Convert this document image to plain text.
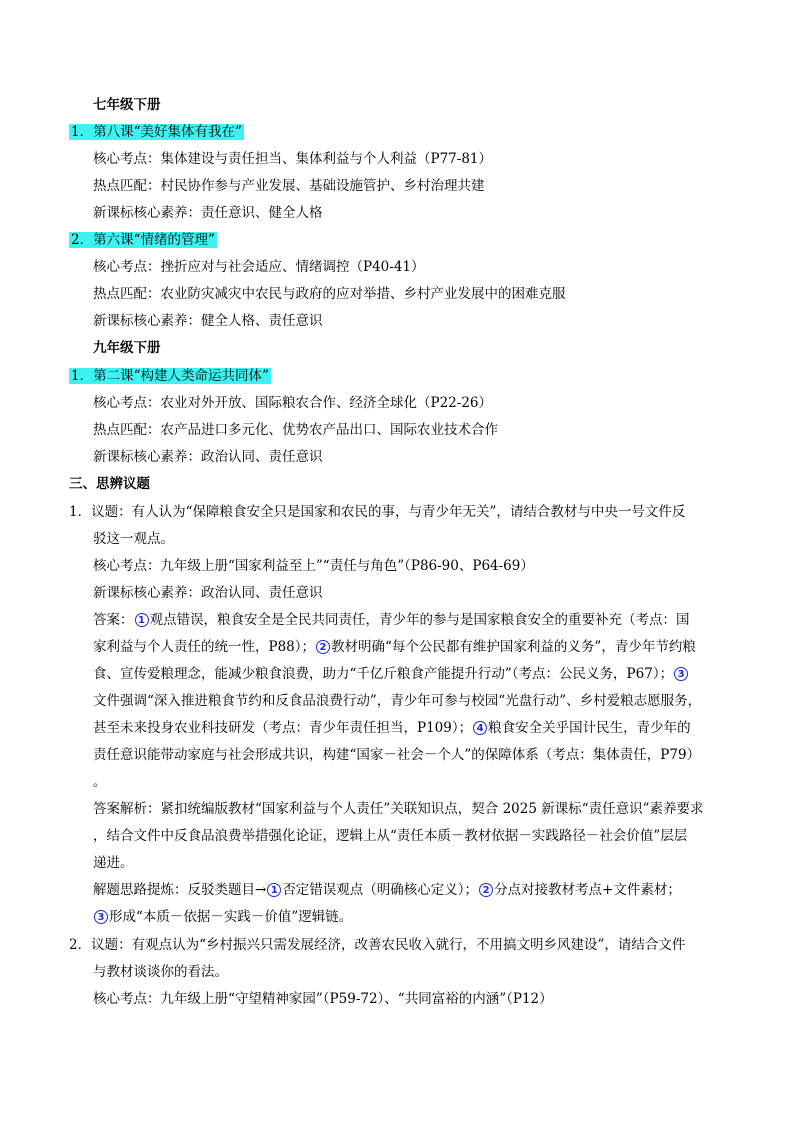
七年级下册
1．第八课“美好集体有我在”
核心考点：集体建设与责任担当、集体利益与个人利益（P77-81）
热点匹配：村民协作参与产业发展、基础设施管护、乡村治理共建
新课标核心素养：责任意识、健全人格
2．第六课“情绪的管理”
核心考点：挫折应对与社会适应、情绪调控（P40-41）
热点匹配：农业防灾减灾中农民与政府的应对举措、乡村产业发展中的困难克服
新课标核心素养：健全人格、责任意识
九年级下册
1．第二课“构建人类命运共同体”
核心考点：农业对外开放、国际粮农合作、经济全球化（P22-26）
热点匹配：农产品进口多元化、优势农产品出口、国际农业技术合作
新课标核心素养：政治认同、责任意识
三、思辨议题
1．议题：有人认为“保障粮食安全只是国家和农民的事，与青少年无关”，请结合教材与中央一号文件反
驳这一观点。
核心考点：九年级上册“国家利益至上”“责任与角色”（P86-90、P64-69）
新课标核心素养：政治认同、责任意识
答案： 1 观点错误，粮食安全是全民共同责任，青少年的参与是国家粮食安全的重要补充（考点：国
家利益与个人责任的统一性，P88）； 2 教材明确“每个公民都有维护国家利益的义务”，青少年节约粮
食、宣传爱粮理念，能减少粮食浪费，助力“千亿斤粮食产能提升行动”（考点：公民义务，P67）； 3
文件强调“深入推进粮食节约和反食品浪费行动”，青少年可参与校园“光盘行动”、乡村爱粮志愿服务，
甚至未来投身农业科技研发（考点：青少年责任担当，P109）； 4 粮食安全关乎国计民生，青少年的
责任意识能带动家庭与社会形成共识，构建“国家－社会－个人”的保障体系（考点：集体责任，P79）
。
答案解析：紧扣统编版教材“国家利益与个人责任”关联知识点，契合 2025 新课标“责任意识”素养要求
，结合文件中反食品浪费举措强化论证，逻辑上从“责任本质－教材依据－实践路径－社会价值”层层
递进。
解题思路提炼：反驳类题目→ 1 否定错误观点（明确核心定义）； 2 分点对接教材考点+文件素材；
3 形成“本质－依据－实践－价值”逻辑链。
2．议题：有观点认为“乡村振兴只需发展经济，改善农民收入就行，不用搞文明乡风建设”，请结合文件
与教材谈谈你的看法。
核心考点：九年级上册“守望精神家园”（P59-72）、“共同富裕的内涵”（P12）
